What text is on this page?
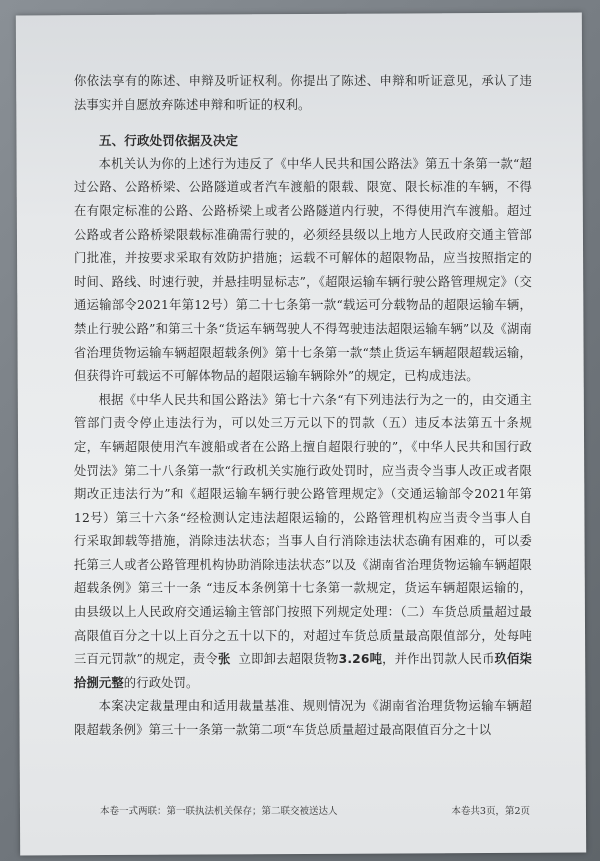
你依法享有的陈述、申辩及听证权利。你提出了陈述、申辩和听证意见，承认了违法事实并自愿放弃陈述申辩和听证的权利。

五、行政处罚依据及决定

本机关认为你的上述行为违反了《中华人民共和国公路法》第五十条第一款“超过公路、公路桥梁、公路隧道或者汽车渡船的限载、限宽、限长标准的车辆，不得在有限定标准的公路、公路桥梁上或者公路隧道内行驶，不得使用汽车渡船。超过公路或者公路桥梁限载标准确需行驶的，必须经县级以上地方人民政府交通主管部门批准，并按要求采取有效防护措施；运载不可解体的超限物品，应当按照指定的时间、路线、时速行驶，并悬挂明显标志”，《超限运输车辆行驶公路管理规定》（交通运输部令2021年第12号）第二十七条第一款“载运可分载物品的超限运输车辆，禁止行驶公路”和第三十条“货运车辆驾驶人不得驾驶违法超限运输车辆”以及《湖南省治理货物运输车辆超限超载条例》第十七条第一款“禁止货运车辆超限超载运输，但获得许可载运不可解体物品的超限运输车辆除外”的规定，已构成违法。

根据《中华人民共和国公路法》第七十六条“有下列违法行为之一的，由交通主管部门责令停止违法行为，可以处三万元以下的罚款（五）违反本法第五十条规定，车辆超限使用汽车渡船或者在公路上擅自超限行驶的”，《中华人民共和国行政处罚法》第二十八条第一款“行政机关实施行政处罚时，应当责令当事人改正或者限期改正违法行为”和《超限运输车辆行驶公路管理规定》（交通运输部令2021年第12号）第三十六条“经检测认定违法超限运输的，公路管理机构应当责令当事人自行采取卸载等措施，消除违法状态；当事人自行消除违法状态确有困难的，可以委托第三人或者公路管理机构协助消除违法状态”以及《湖南省治理货物运输车辆超限超载条例》第三十一条 “违反本条例第十七条第一款规定，货运车辆超限运输的，由县级以上人民政府交通运输主管部门按照下列规定处理：（二）车货总质量超过最高限值百分之十以上百分之五十以下的，对超过车货总质量最高限值部分，处每吨三百元罚款”的规定，责令张 立即卸去超限货物3.26吨，并作出罚款人民币玖佰柒拾捌元整的行政处罚。

本案决定裁量理由和适用裁量基准、规则情况为《湖南省治理货物运输车辆超限超载条例》第三十一条第一款第二项“车货总质量超过最高限值百分之十以

本卷一式两联：第一联执法机关保存；第二联交被送达人	本卷共3页，第2页
